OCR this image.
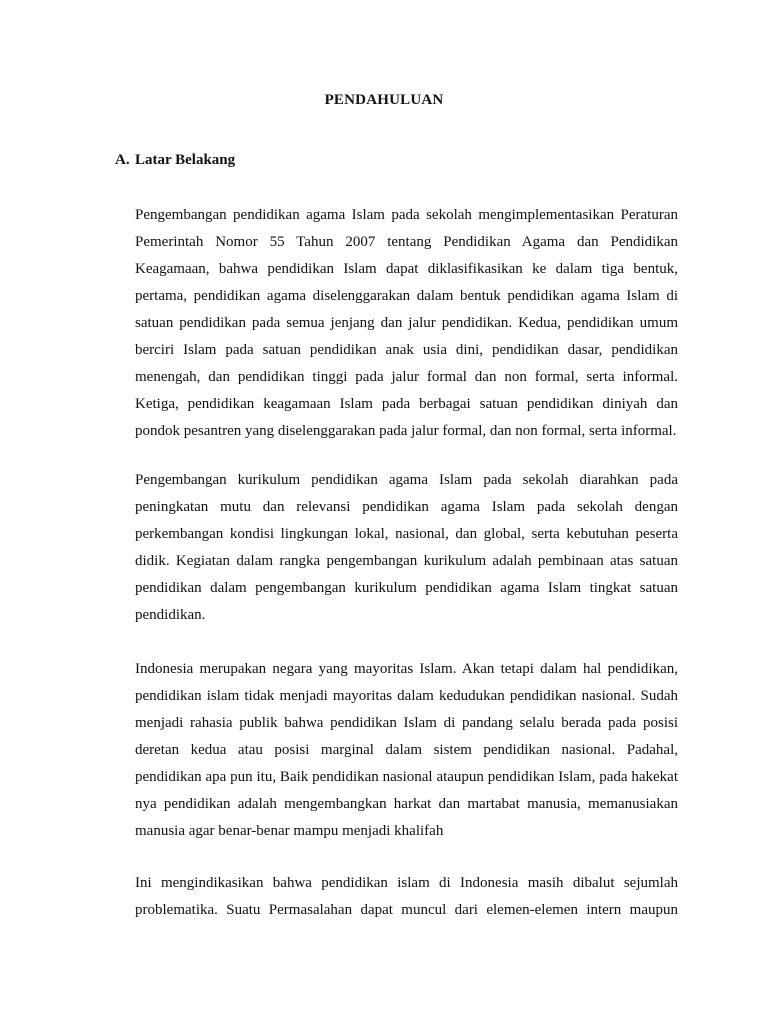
PENDAHULUAN
A. Latar Belakang

Pengembangan pendidikan agama Islam pada sekolah mengimplementasikan Peraturan Pemerintah Nomor 55 Tahun 2007 tentang Pendidikan Agama dan Pendidikan Keagamaan, bahwa pendidikan Islam dapat diklasifikasikan ke dalam tiga bentuk, pertama, pendidikan agama diselenggarakan dalam bentuk pendidikan agama Islam di satuan pendidikan pada semua jenjang dan jalur pendidikan. Kedua, pendidikan umum berciri Islam pada satuan pendidikan anak usia dini, pendidikan dasar, pendidikan menengah, dan pendidikan tinggi pada jalur formal dan non formal, serta informal. Ketiga, pendidikan keagamaan Islam pada berbagai satuan pendidikan diniyah dan pondok pesantren yang diselenggarakan pada jalur formal, dan non formal, serta informal.

Pengembangan kurikulum pendidikan agama Islam pada sekolah diarahkan pada peningkatan mutu dan relevansi pendidikan agama Islam pada sekolah dengan perkembangan kondisi lingkungan lokal, nasional, dan global, serta kebutuhan peserta didik. Kegiatan dalam rangka pengembangan kurikulum adalah pembinaan atas satuan pendidikan dalam pengembangan kurikulum pendidikan agama Islam tingkat satuan pendidikan.

Indonesia merupakan negara yang mayoritas Islam. Akan tetapi dalam hal pendidikan, pendidikan islam tidak menjadi mayoritas dalam kedudukan pendidikan nasional. Sudah menjadi rahasia publik bahwa pendidikan Islam di pandang selalu berada pada posisi deretan kedua atau posisi marginal dalam sistem pendidikan nasional. Padahal, pendidikan apa pun itu, Baik pendidikan nasional ataupun pendidikan Islam, pada hakekat nya pendidikan adalah mengembangkan harkat dan martabat manusia, memanusiakan manusia agar benar-benar mampu menjadi khalifah

Ini mengindikasikan bahwa pendidikan islam di Indonesia masih dibalut sejumlah problematika. Suatu Permasalahan dapat muncul dari elemen-elemen intern maupun
